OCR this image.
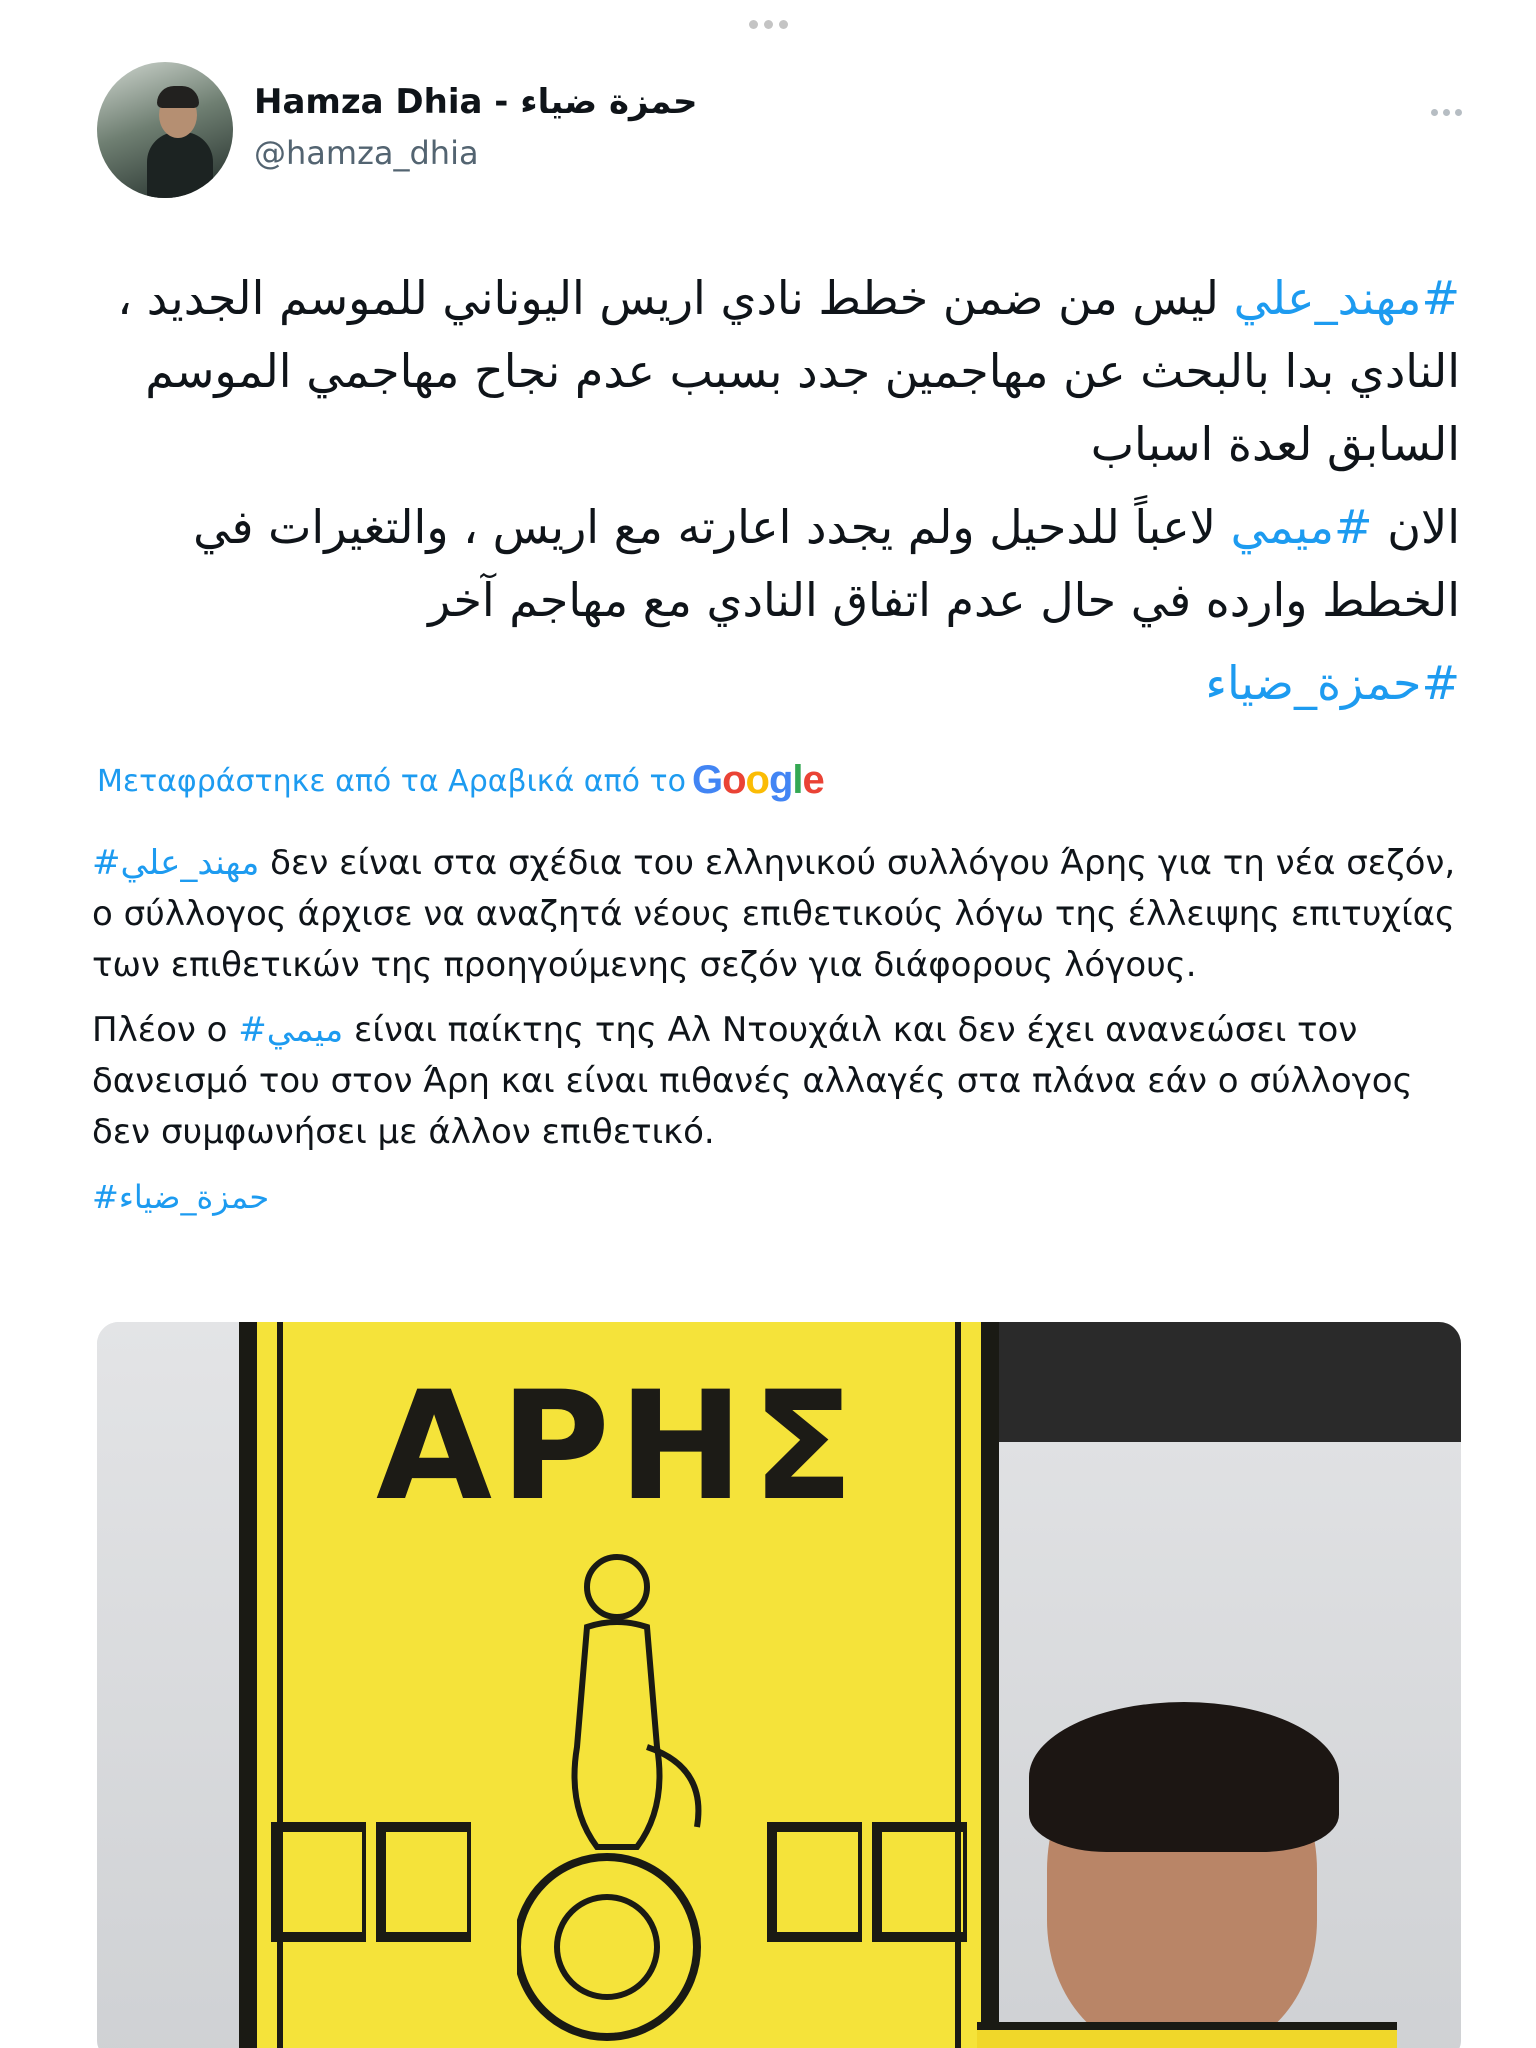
Hamza Dhia - حمزة ضياء
@hamza_dhia

#مهند_علي ليس من ضمن خطط نادي اريس اليوناني للموسم الجديد ، النادي بدا بالبحث عن مهاجمين جدد بسبب عدم نجاح مهاجمي الموسم السابق لعدة اسباب

الان #ميمي لاعباً للدحيل ولم يجدد اعارته مع اريس ، والتغيرات في الخطط وارده في حال عدم اتفاق النادي مع مهاجم آخر

#حمزة_ضياء

Μεταφράστηκε από τα Αραβικά από το Google

#مهند_علي δεν είναι στα σχέδια του ελληνικού συλλόγου Άρης για τη νέα σεζόν, ο σύλλογος άρχισε να αναζητά νέους επιθετικούς λόγω της έλλειψης επιτυχίας των επιθετικών της προηγούμενης σεζόν για διάφορους λόγους.

Πλέον ο #ميمي είναι παίκτης της Αλ Ντουχάιλ και δεν έχει ανανεώσει τον δανεισμό του στον Άρη και είναι πιθανές αλλαγές στα πλάνα εάν ο σύλλογος δεν συμφωνήσει με άλλον επιθετικό.

#حمزة_ضياء

ΑΡΗΣ
